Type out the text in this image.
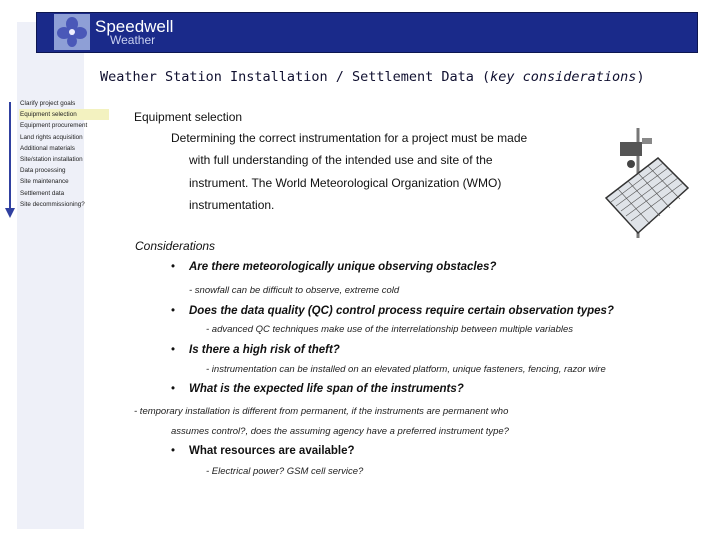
Speedwell
Weather
Weather Station Installation / Settlement Data (key considerations)
Clarify project goals
Equipment selection
Equipment procurement
Land rights acquisition
Additional materials
Site/station installation
Data processing
Site maintenance
Settlement data
Site decommissioning?
Equipment selection
Determining the correct instrumentation for a project must be made
with full understanding of the intended use and site of the
instrument. The World Meteorological Organization (WMO)
instrumentation.
Considerations
• Are there meteorologically unique observing obstacles?
- snowfall can be difficult to observe, extreme cold
• Does the data quality (QC) control process require certain observation types?
- advanced QC techniques make use of the interrelationship between multiple variables
• Is there a high risk of theft?
- instrumentation can be installed on an elevated platform, unique fasteners, fencing, razor wire
• What is the expected life span of the instruments?
- temporary installation is different from permanent, if the instruments are permanent who
assumes control?, does the assuming agency have a preferred instrument type?
• What resources are available?
- Electrical power? GSM cell service?
